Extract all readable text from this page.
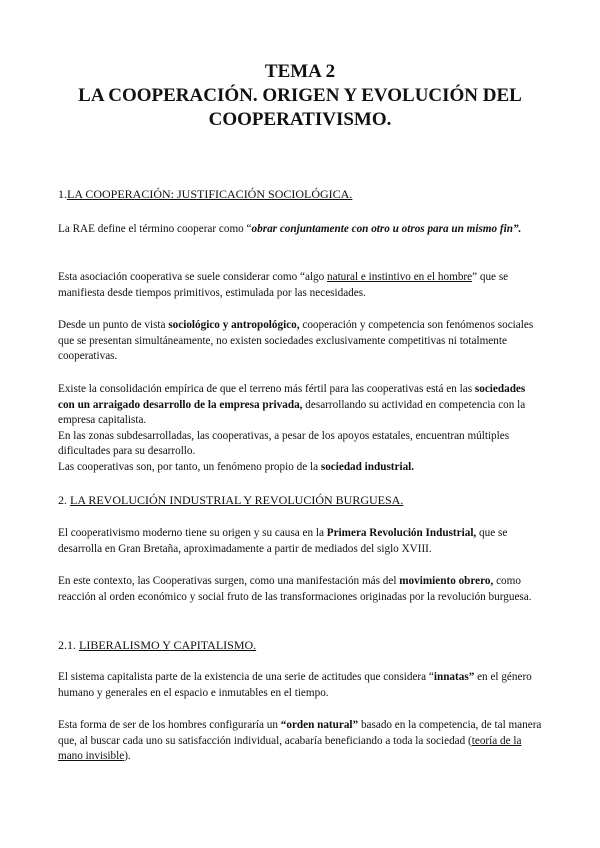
TEMA 2
LA COOPERACIÓN. ORIGEN Y EVOLUCIÓN DEL
COOPERATIVISMO.
1.LA COOPERACIÓN: JUSTIFICACIÓN SOCIOLÓGICA.

La RAE define el término cooperar como “obrar conjuntamente con otro u otros para un mismo fin”.

Esta asociación cooperativa se suele considerar como “algo natural e instintivo en el hombre” que se manifiesta desde tiempos primitivos, estimulada por las necesidades.

Desde un punto de vista sociológico y antropológico, cooperación y competencia son fenómenos sociales que se presentan simultáneamente, no existen sociedades exclusivamente competitivas ni totalmente cooperativas.

Existe la consolidación empírica de que el terreno más fértil para las cooperativas está en las sociedades con un arraigado desarrollo de la empresa privada, desarrollando su actividad en competencia con la empresa capitalista.

En las zonas subdesarrolladas, las cooperativas, a pesar de los apoyos estatales, encuentran múltiples dificultades para su desarrollo.

Las cooperativas son, por tanto, un fenómeno propio de la sociedad industrial.

2. LA REVOLUCIÓN INDUSTRIAL Y REVOLUCIÓN BURGUESA.

El cooperativismo moderno tiene su origen y su causa en la Primera Revolución Industrial, que se desarrolla en Gran Bretaña, aproximadamente a partir de mediados del siglo XVIII.

En este contexto, las Cooperativas surgen, como una manifestación más del movimiento obrero, como reacción al orden económico y social fruto de las transformaciones originadas por la revolución burguesa.

2.1. LIBERALISMO Y CAPITALISMO.

El sistema capitalista parte de la existencia de una serie de actitudes que considera “innatas” en el género humano y generales en el espacio e inmutables en el tiempo.

Esta forma de ser de los hombres configuraría un “orden natural” basado en la competencia, de tal manera que, al buscar cada uno su satisfacción individual, acabaría beneficiando a toda la sociedad (teoría de la mano invisible).
